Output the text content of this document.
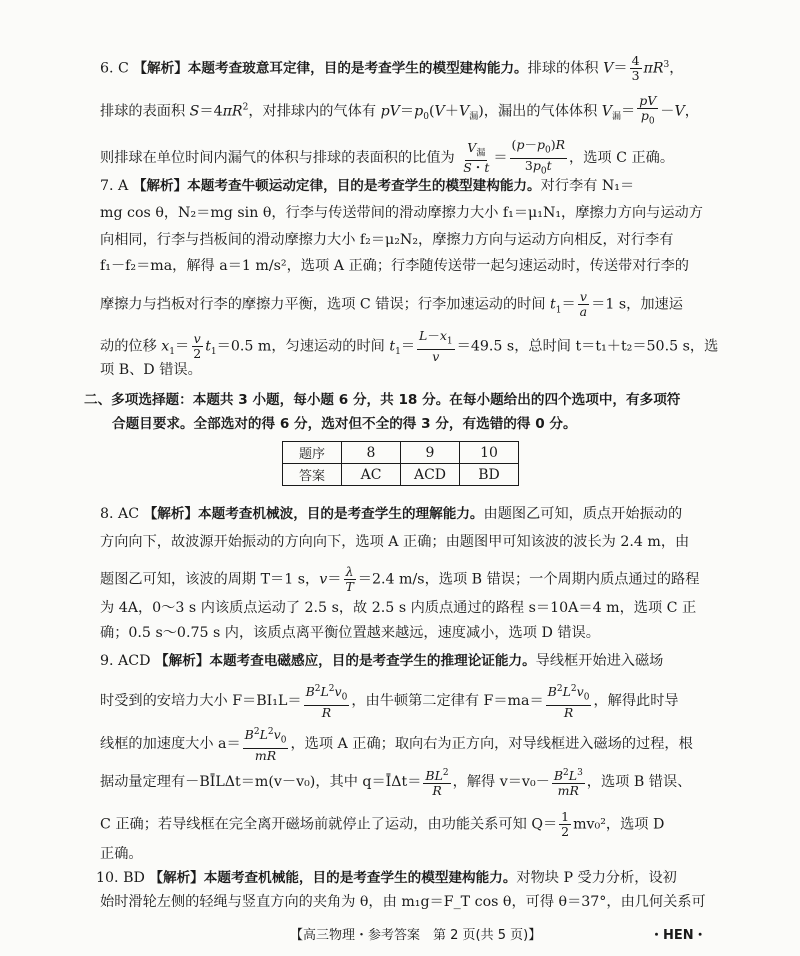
6. C 【解析】本题考查玻意耳定律，目的是考查学生的模型建构能力。排球的体积 $V= \frac{4}{3} \pi R^3$，
排球的表面积 $S=4\pi R^2$，对排球内的气体有 $pV=p_0(V+V_漏)$，漏出的气体体积 $V_漏= \frac{pV}{p_0} -V$，
则排球在单位时间内漏气的体积与排球的表面积的比值为 $\frac{V_漏}{S・t} = \frac{(p-p_0)R}{3p_0t}$ ，选项 C 正确。
7. A 【解析】本题考查牛顿运动定律，目的是考查学生的模型建构能力。对行李有 N₁＝
mg cos θ，N₂＝mg sin θ，行李与传送带间的滑动摩擦力大小 f₁＝μ₁N₁，摩擦力方向与运动方
向相同，行李与挡板间的滑动摩擦力大小 f₂＝μ₂N₂，摩擦力方向与运动方向相反，对行李有
f₁－f₂＝ma，解得 a＝1 m/s²，选项 A 正确；行李随传送带一起匀速运动时，传送带对行李的
摩擦力与挡板对行李的摩擦力平衡，选项 C 错误；行李加速运动的时间 $t_1= \frac{v}{a} =1$ s，加速运
动的位移 $x_1= \frac{v}{2} t_1=0.5$ m，匀速运动的时间 $t_1= \frac{L-x_1}{v} =49.5$ s，总时间 t＝t₁＋t₂＝50.5 s，选
项 B、D 错误。
二、多项选择题：本题共 3 小题，每小题 6 分，共 18 分。在每小题给出的四个选项中，有多项符
合题目要求。全部选对的得 6 分，选对但不全的得 3 分，有选错的得 0 分。
题序	8	9	10
答案	AC	ACD	BD
8. AC 【解析】本题考查机械波，目的是考查学生的理解能力。由题图乙可知，质点开始振动的
方向向下，故波源开始振动的方向向下，选项 A 正确；由题图甲可知该波的波长为 2.4 m，由
题图乙可知，该波的周期 T＝1 s，$v= \frac{\lambda}{T} =2.4$ m/s，选项 B 错误；一个周期内质点通过的路程
为 4A，0～3 s 内该质点运动了 2.5 s，故 2.5 s 内质点通过的路程 s＝10A＝4 m，选项 C 正
确；0.5 s～0.75 s 内，该质点离平衡位置越来越远，速度减小，选项 D 错误。
9. ACD 【解析】本题考查电磁感应，目的是考查学生的推理论证能力。导线框开始进入磁场
时受到的安培力大小 $F=BI_1L= \frac{B^2L^2v_0}{R}$ ，由牛顿第二定律有 $F=ma= \frac{B^2L^2v_0}{R}$ ，解得此时导
线框的加速度大小 $a= \frac{B^2L^2v_0}{mR}$ ，选项 A 正确；取向右为正方向，对导线框进入磁场的过程，根
据动量定理有－BĪLΔt＝m(v－v₀)，其中 q＝ĪΔt＝ $\frac{BL^2}{R}$ ，解得 $v=v_0- \frac{B^2L^3}{mR}$ ，选项 B 错误、
C 正确；若导线框在完全离开磁场前就停止了运动，由功能关系可知 $Q= \frac{1}{2} mv_0^2$，选项 D
正确。
10. BD 【解析】本题考查机械能，目的是考查学生的模型建构能力。对物块 P 受力分析，设初
始时滑轮左侧的轻绳与竖直方向的夹角为 θ，由 m₁g＝F_T cos θ，可得 θ＝37°，由几何关系可
【高三物理・参考答案　第 2 页(共 5 页)】	・HEN・
